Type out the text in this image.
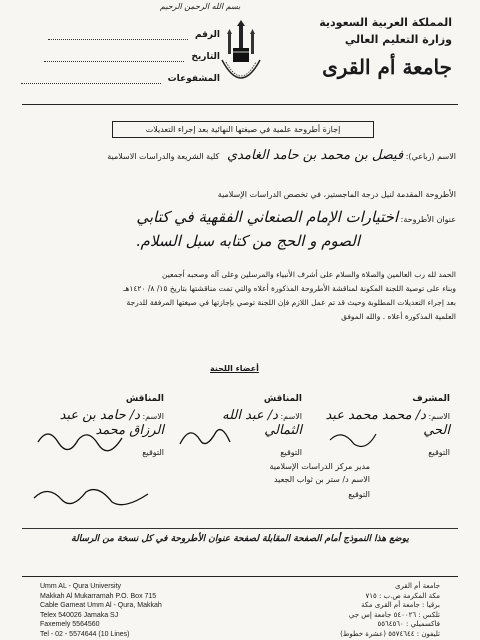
بسم الله الرحمن الرحيم
الرقم
التاريخ
المشفوعات
المملكة العربية السعودية
وزارة التعليم العالي
جامعة أم القرى
إجازة أطروحة علمية في صيغتها النهائية بعد إجراء التعديلات
الاسم (رباعي): فيصل بن محمد بن حامد الغامدي   كلية الشريعة والدراسات الاسلامية
الأطروحة المقدمة لنيل درجة الماجستير، في تخصص الدراسات الإسلامية
عنوان الأطروحة: اختيارات الإمام الصنعاني الفقهية في كتابي
الصوم و الحج من كتابه سبل السلام.
الحمد لله رب العالمين والصلاة والسلام على أشرف الأنبياء والمرسلين وعلى آله وصحبه أجمعين
وبناء على توصية اللجنة المكونة لمناقشة الأطروحة المذكورة أعلاه والتي تمت مناقشتها بتاريخ ١٥/ ٨/ ١٤٢٠هـ
بعد إجراء التعديلات المطلوبة وحيث قد تم عمل اللازم فإن اللجنة توصي بإجازتها في صيغتها المرفقة للدرجة
العلمية المذكورة أعلاه . والله الموفق
أعضاء اللجنة
المشرف
الاسم: د/ محمد محمد عبد الحي
التوقيع
المناقش
الاسم: د/ عبد الله الثمالي
التوقيع
المناقش
الاسم: د/ حامد بن عبد الرزاق محمد
التوقيع
مدير مركز الدراسات الإسلامية
الاسم د/ ستر بن ثواب الجعيد
التوقيع
يوضع هذا النموذج أمام الصفحة المقابلة لصفحة عنوان الأطروحة في كل نسخة من الرسالة
Umm AL - Qura University
Makkah Al Mukarramah P.O. Box 715
Cable Gameat Umm Al - Qura, Makkah
Telex 540026 Jamaka SJ
Faxemely 5564560
Tel - 02 - 5574644 (10 Lines)
جامعة أم القرى
مكة المكرمة ص.ب : ٧١٥
برقيا : جامعة أم القرى مكة
تلكس : ٥٤٠٠٢٦ جامعة إس جي
فاكسميلي : ٥٥٦٤٥٦٠
تليفون : ٥٥٧٤٦٤٤ (عشرة خطوط)
